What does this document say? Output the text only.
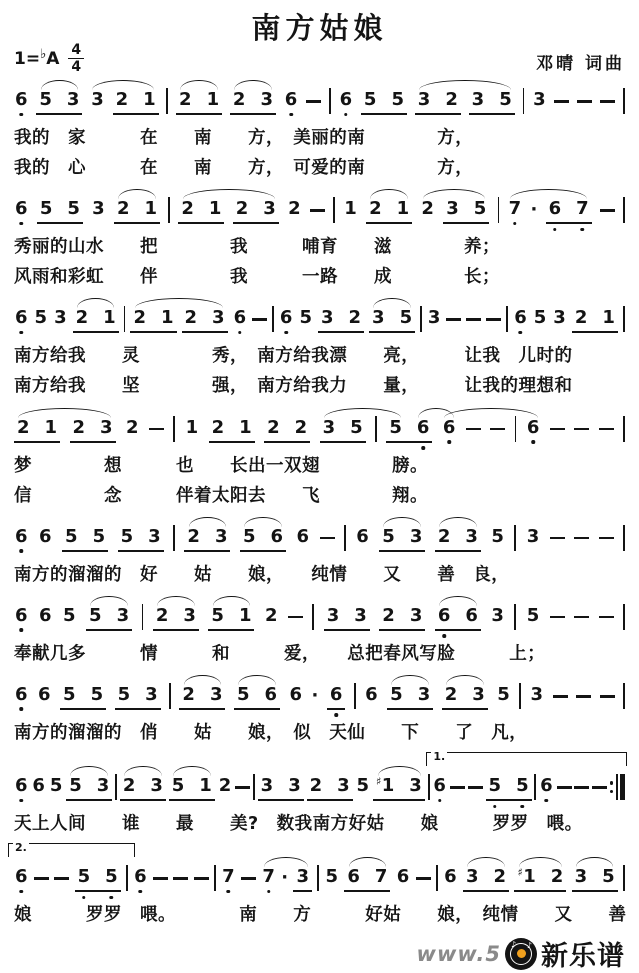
南方姑娘
1=♭A 4
4	邓晴 词曲
6 5 3 3 2 1 2 1 2 3 6 6 5 5 3 2 3 5 3
我的　家　　　在　　南　　方，　美丽的南　　　　方，
我的　心　　　在　　南　　方，　可爱的南　　　　方，
6 5 5 3 2 1 2 1 2 3 2 1 2 1 2 3 5 7 · 6 7
秀丽的山水　　把　　　　我　　　哺育　　滋　　　　养；
风雨和彩虹　　伴　　　　我　　　一路　　成　　　　长；
6 5 3 2 1 2 1 2 3 6 6 5 3 2 3 5 3	6 5 3 2 1
南方给我　　灵　　　　秀，　南方给我漂　　亮，　　　让我　儿时的
南方给我　　坚　　　　强，　南方给我力　　量，　　　让我的理想和
2 1 2 3 2	1 2 1 2 2 3 5 5 6 6	6
梦　　　　想　　　也　　长出一双翅　　　　膀。
信　　　　念　　　伴着太阳去　　飞　　　　翔。
6 6 5 5 5 3 2 3 5 6 6	6 5 3 2 3 5 3
南方的溜溜的　好　　姑　　娘，　　纯情　　又　　善　良，
6 6 5 5 3 2 3 5 1 2	3 3 2 3 6 6 3 5
奉献几多　　　情　　　和　　　爱，　　总把春风写脸　　　上；
6 6 5 5 5 3 2 3 5 6 6 · 6 6 5 3 2 3 5 3
南方的溜溜的　俏　　姑　　娘，　似　天仙　　下　　了　凡，
6 6 5 5 3 2 3 5 1 2 3 3 2 3 5 ♯1 3 6 5 5 6
天上人间　　谁　　最　　美?　数我南方好姑　　娘　　　罗罗　喂。
1.
6	5 5 6	7 7 · 3 5 6 7 6 6 3 2 ♯1 2 3 5
娘　　　罗罗　喂。　　　　南　　方　　　好姑　　娘，　纯情　　又　　善
2.
www.5 ♪ ♪ 新乐谱
